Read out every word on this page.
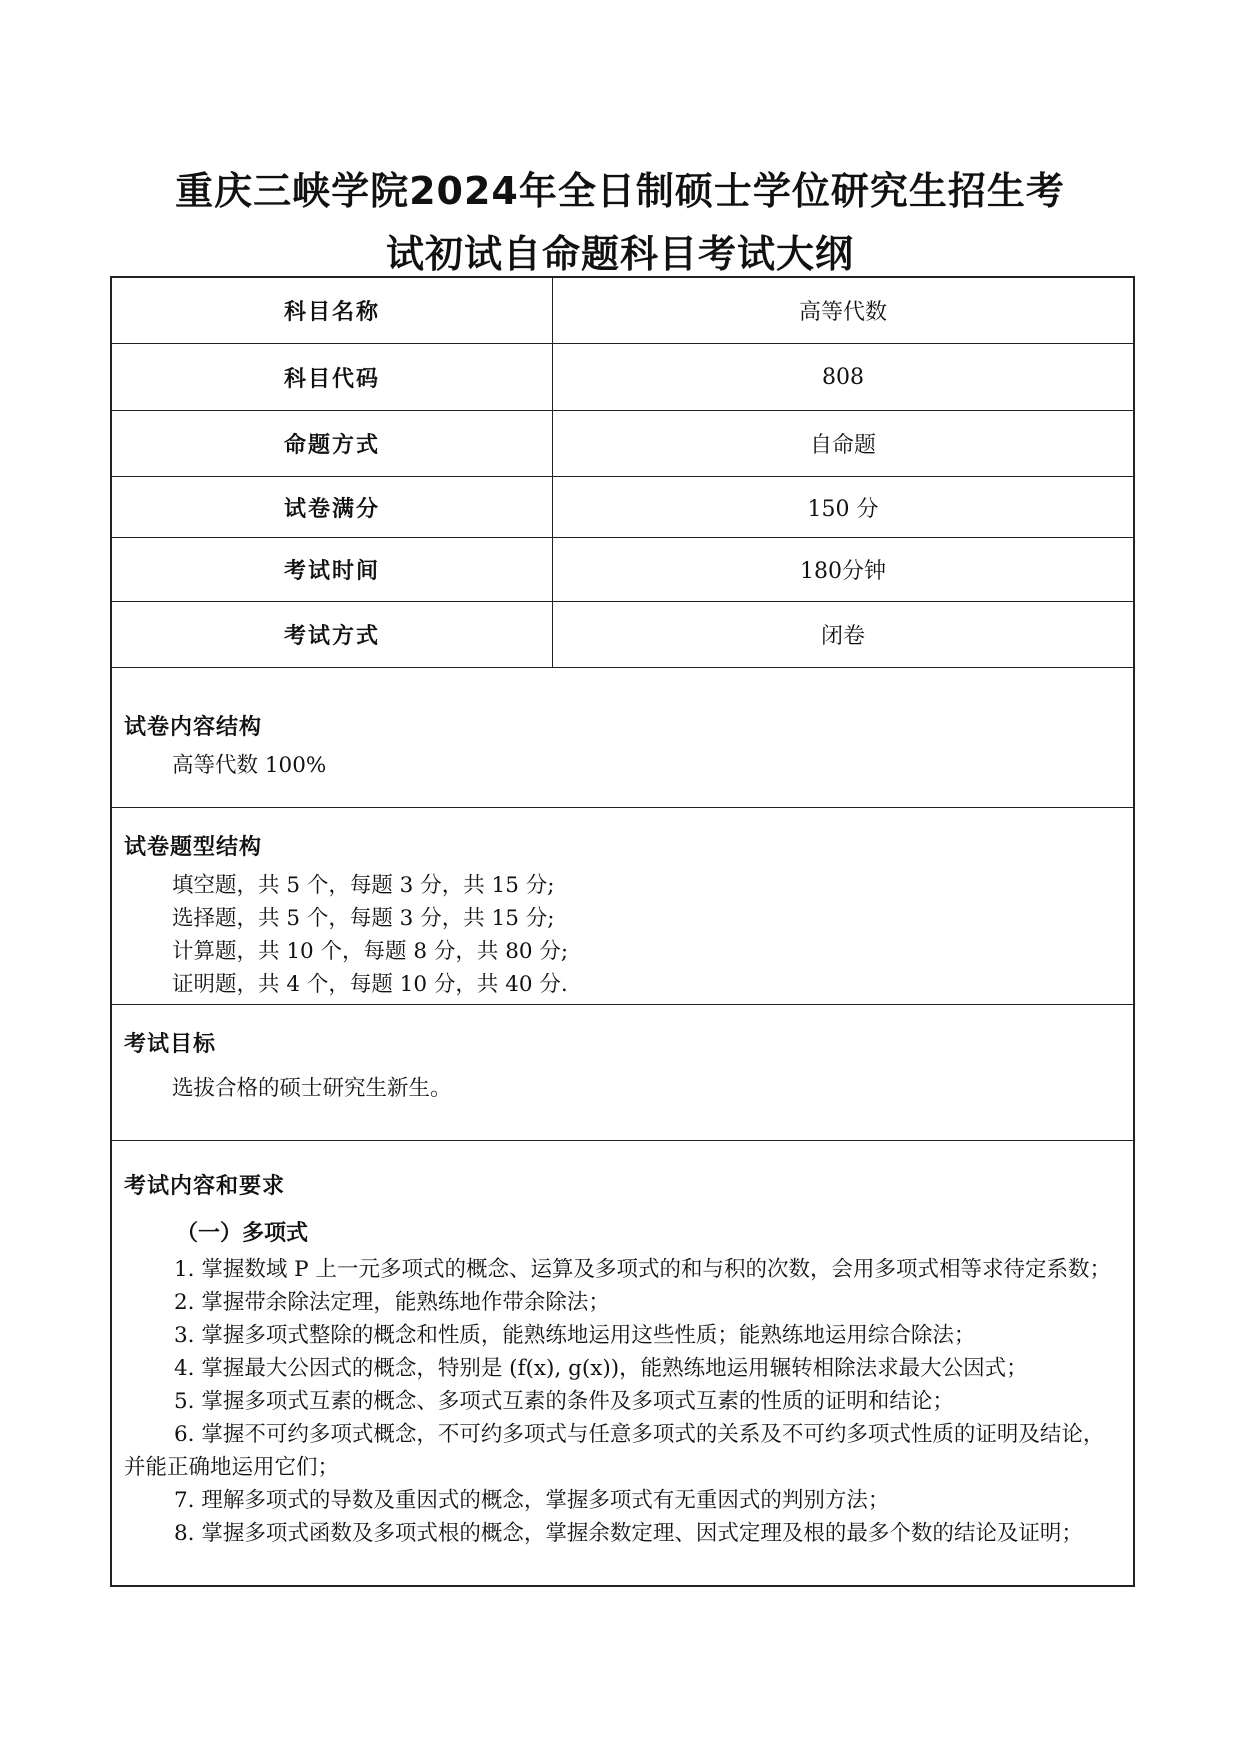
重庆三峡学院2024年全日制硕士学位研究生招生考
试初试自命题科目考试大纲
科目名称	高等代数
科目代码	808
命题方式	自命题
试卷满分	150 分
考试时间	180分钟
考试方式	闭卷
试卷内容结构
高等代数 100%
试卷题型结构
填空题，共 5 个，每题 3 分，共 15 分;
选择题，共 5 个，每题 3 分，共 15 分;
计算题，共 10 个，每题 8 分，共 80 分;
证明题，共 4 个，每题 10 分，共 40 分.
考试目标
选拔合格的硕士研究生新生。
考试内容和要求
（一）多项式
1. 掌握数域 P 上一元多项式的概念、运算及多项式的和与积的次数，会用多项式相等求待定系数；
2. 掌握带余除法定理，能熟练地作带余除法；
3. 掌握多项式整除的概念和性质，能熟练地运用这些性质；能熟练地运用综合除法；
4. 掌握最大公因式的概念，特别是 (f(x), g(x))，能熟练地运用辗转相除法求最大公因式；
5. 掌握多项式互素的概念、多项式互素的条件及多项式互素的性质的证明和结论；
6. 掌握不可约多项式概念，不可约多项式与任意多项式的关系及不可约多项式性质的证明及结论，并能正确地运用它们；
7. 理解多项式的导数及重因式的概念，掌握多项式有无重因式的判别方法；
8. 掌握多项式函数及多项式根的概念，掌握余数定理、因式定理及根的最多个数的结论及证明；
